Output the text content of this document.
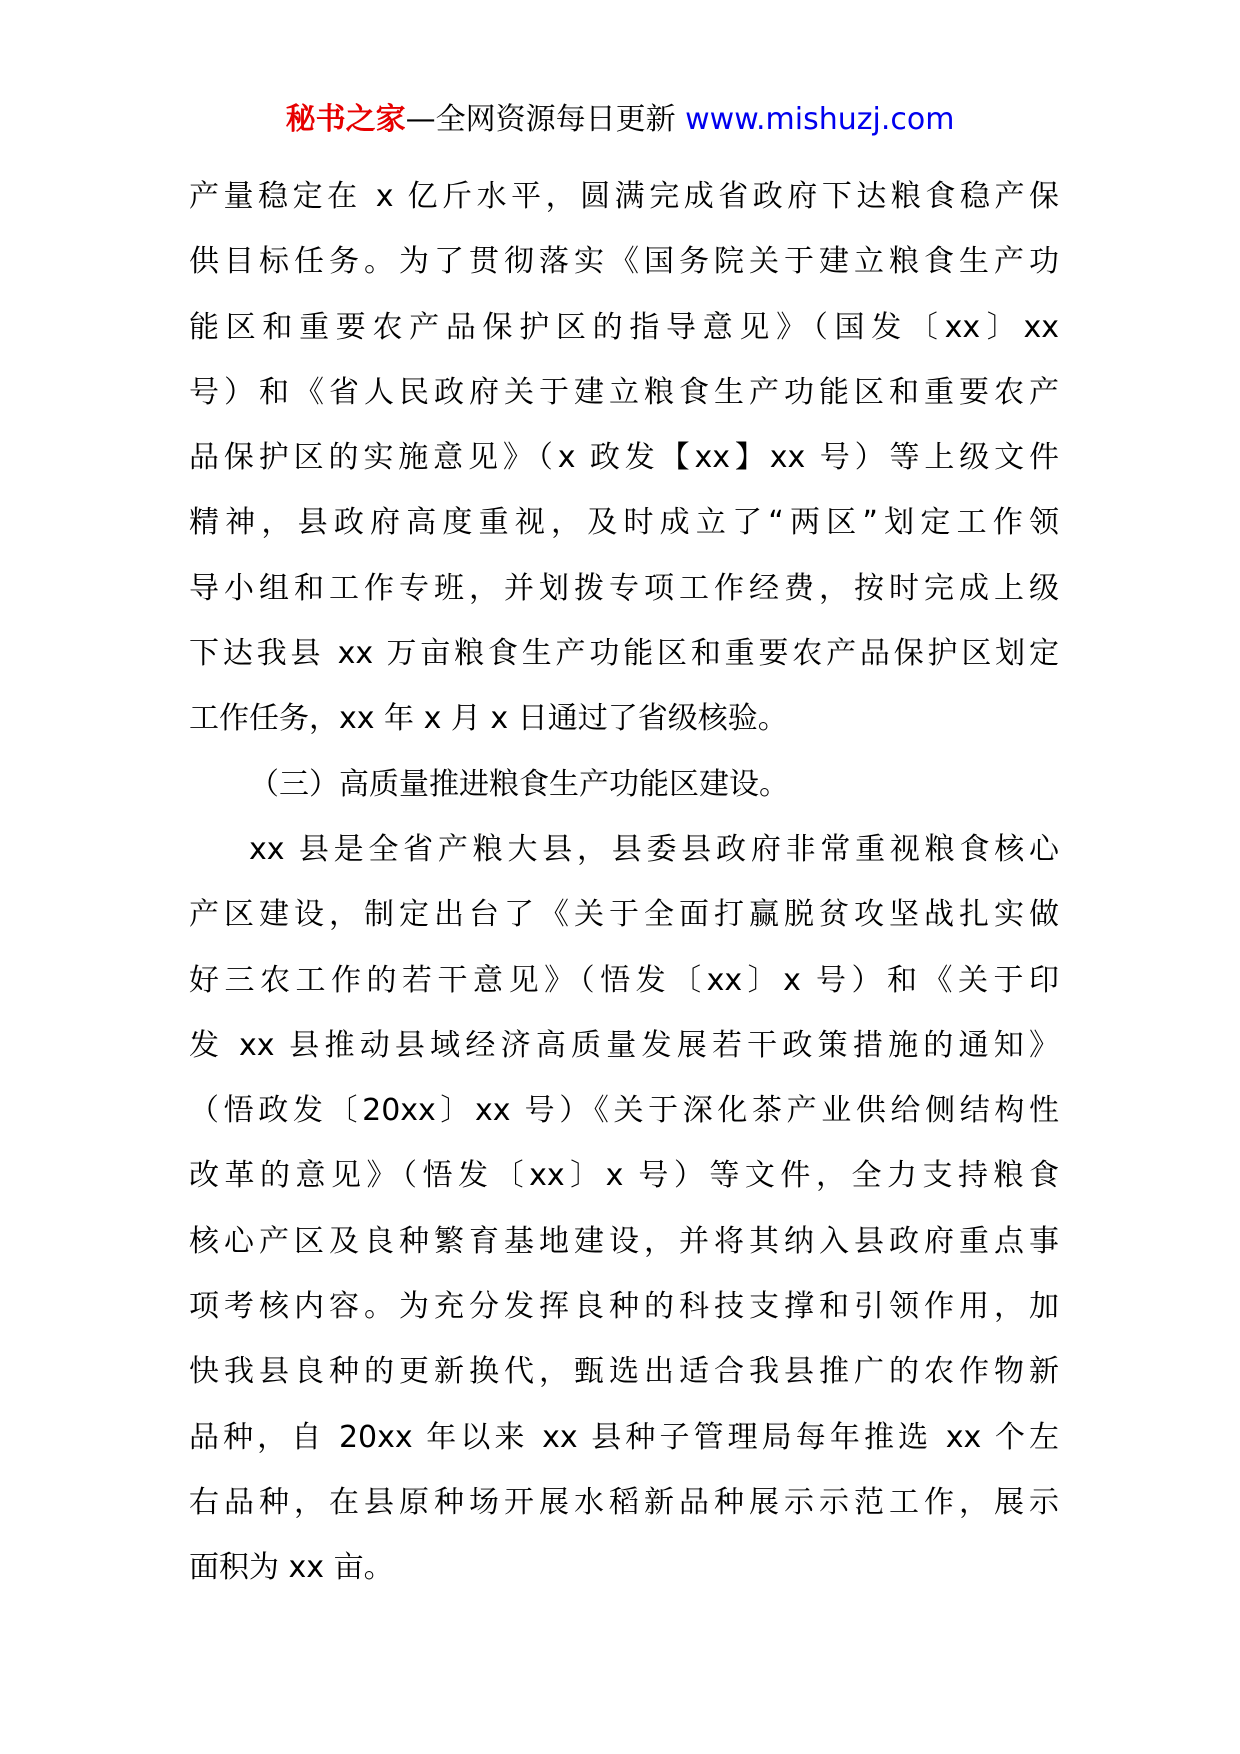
秘书之家—全网资源每日更新 www.mishuzj.com
产量稳定在 x 亿斤水平，圆满完成省政府下达粮食稳产保
供目标任务。为了贯彻落实《国务院关于建立粮食生产功
能区和重要农产品保护区的指导意见》（国发〔xx〕xx
号）和《省人民政府关于建立粮食生产功能区和重要农产
品保护区的实施意见》（x 政发【xx】xx 号）等上级文件
精神，县政府高度重视，及时成立了“两区”划定工作领
导小组和工作专班，并划拨专项工作经费，按时完成上级
下达我县 xx 万亩粮食生产功能区和重要农产品保护区划定
工作任务，xx 年 x 月 x 日通过了省级核验。
（三）高质量推进粮食生产功能区建设。
xx 县是全省产粮大县，县委县政府非常重视粮食核心
产区建设，制定出台了《关于全面打赢脱贫攻坚战扎实做
好三农工作的若干意见》（悟发〔xx〕x 号）和《关于印
发 xx 县推动县域经济高质量发展若干政策措施的通知》
（悟政发〔20xx〕xx 号）《关于深化茶产业供给侧结构性
改革的意见》（悟发〔xx〕x 号）等文件，全力支持粮食
核心产区及良种繁育基地建设，并将其纳入县政府重点事
项考核内容。为充分发挥良种的科技支撑和引领作用，加
快我县良种的更新换代，甄选出适合我县推广的农作物新
品种，自 20xx 年以来 xx 县种子管理局每年推选 xx 个左
右品种，在县原种场开展水稻新品种展示示范工作，展示
面积为 xx 亩。
